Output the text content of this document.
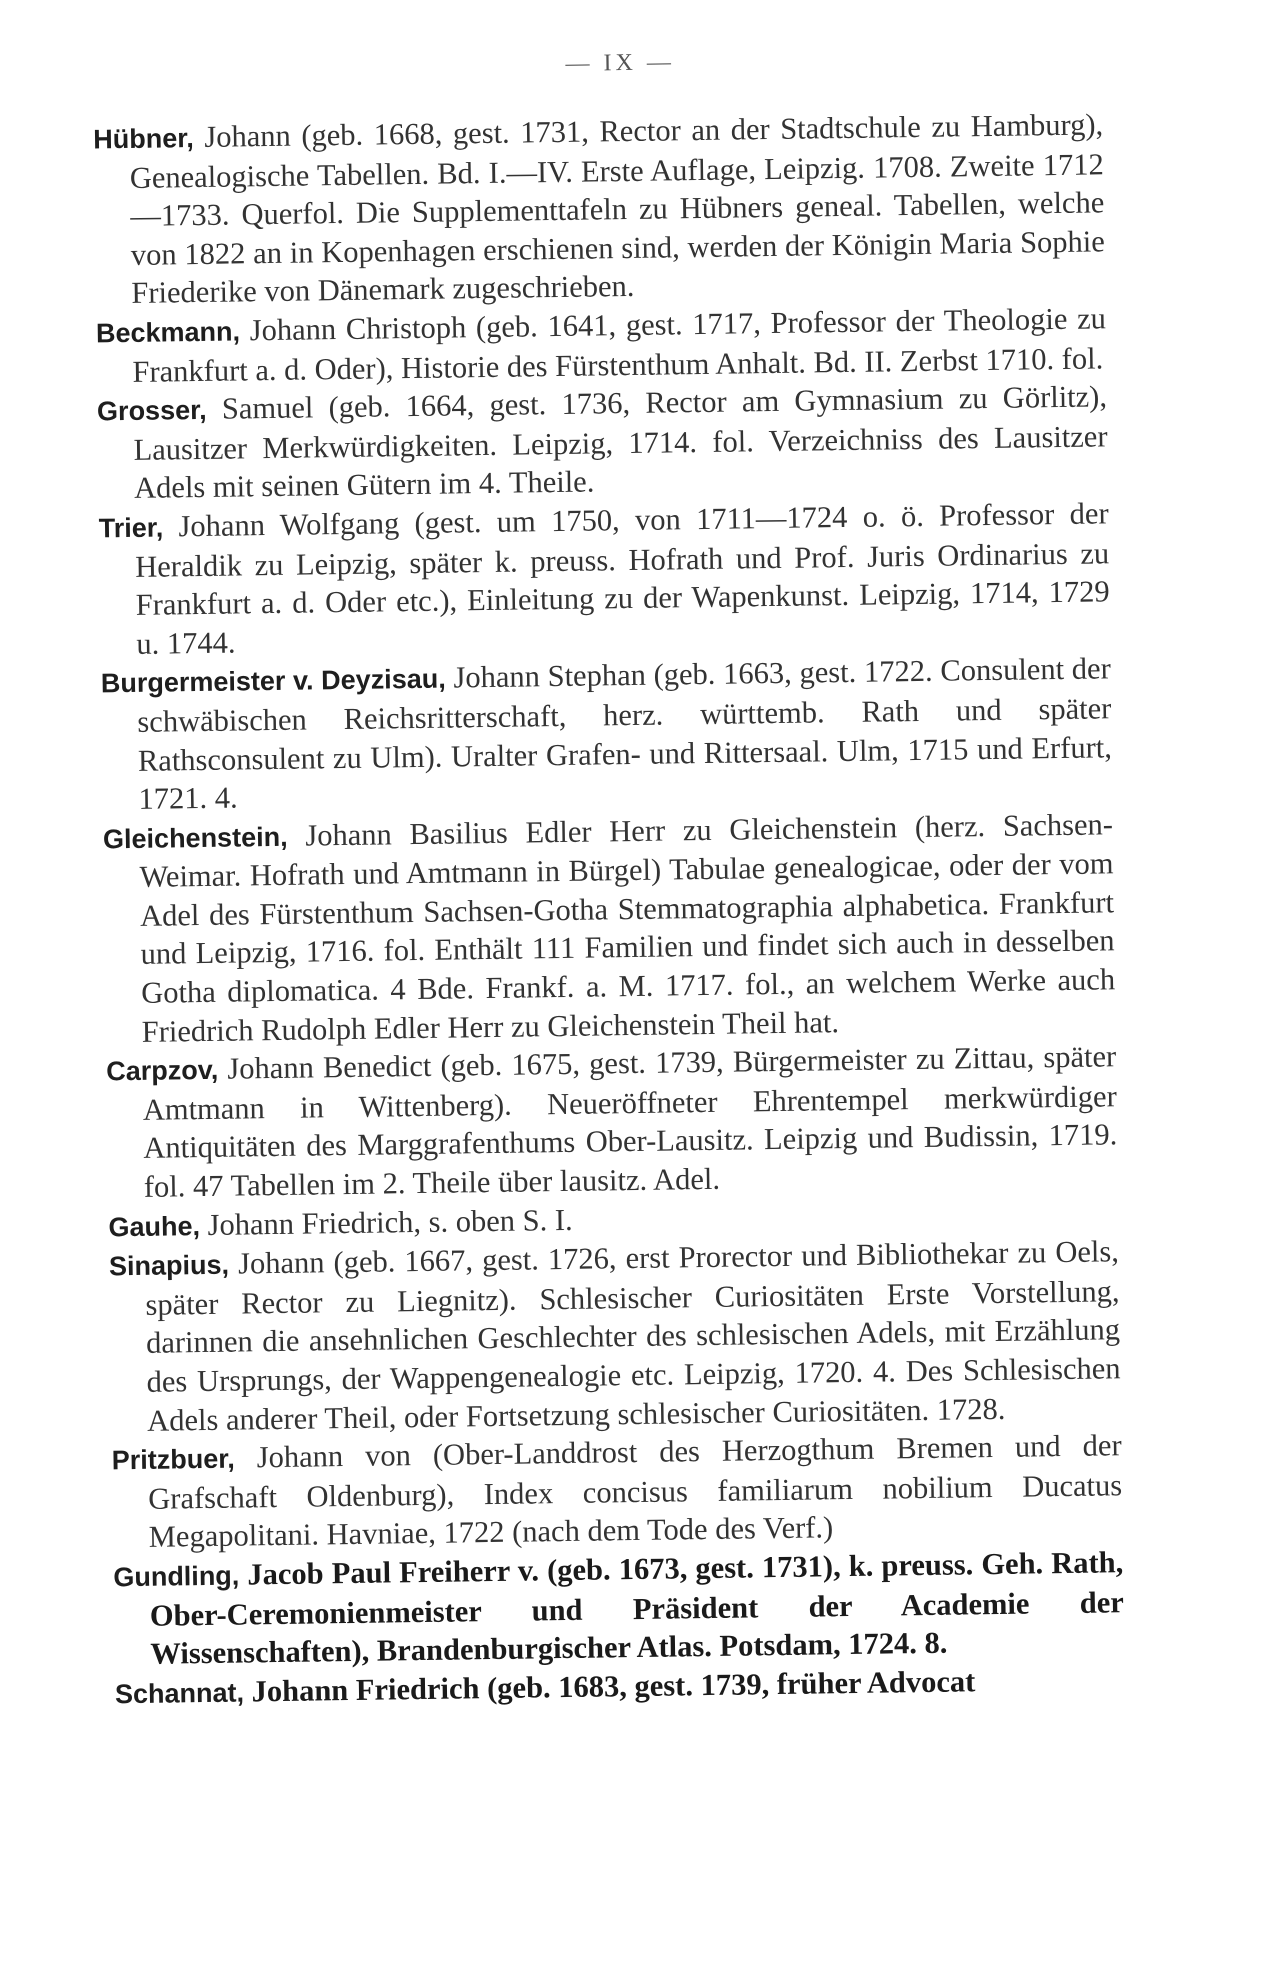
— IX —

Hübner, Johann (geb. 1668, gest. 1731, Rector an der Stadtschule zu Hamburg), Genealogische Tabellen. Bd. I.—IV. Erste Auflage, Leipzig. 1708. Zweite 1712—1733. Querfol. Die Supplementtafeln zu Hübners geneal. Tabellen, welche von 1822 an in Kopenhagen erschienen sind, werden der Königin Maria Sophie Friederike von Dänemark zugeschrieben.

Beckmann, Johann Christoph (geb. 1641, gest. 1717, Professor der Theologie zu Frankfurt a. d. Oder), Historie des Fürstenthum Anhalt. Bd. II. Zerbst 1710. fol.

Grosser, Samuel (geb. 1664, gest. 1736, Rector am Gymnasium zu Görlitz), Lausitzer Merkwürdigkeiten. Leipzig, 1714. fol. Verzeichniss des Lausitzer Adels mit seinen Gütern im 4. Theile.

Trier, Johann Wolfgang (gest. um 1750, von 1711—1724 o. ö. Professor der Heraldik zu Leipzig, später k. preuss. Hofrath und Prof. Juris Ordinarius zu Frankfurt a. d. Oder etc.), Einleitung zu der Wapenkunst. Leipzig, 1714, 1729 u. 1744.

Burgermeister v. Deyzisau, Johann Stephan (geb. 1663, gest. 1722. Consulent der schwäbischen Reichsritterschaft, herz. württemb. Rath und später Rathsconsulent zu Ulm). Uralter Grafen- und Rittersaal. Ulm, 1715 und Erfurt, 1721. 4.

Gleichenstein, Johann Basilius Edler Herr zu Gleichenstein (herz. Sachsen-Weimar. Hofrath und Amtmann in Bürgel) Tabulae genealogicae, oder der vom Adel des Fürstenthum Sachsen-Gotha Stemmatographia alphabetica. Frankfurt und Leipzig, 1716. fol. Enthält 111 Familien und findet sich auch in desselben Gotha diplomatica. 4 Bde. Frankf. a. M. 1717. fol., an welchem Werke auch Friedrich Rudolph Edler Herr zu Gleichenstein Theil hat.

Carpzov, Johann Benedict (geb. 1675, gest. 1739, Bürgermeister zu Zittau, später Amtmann in Wittenberg). Neueröffneter Ehrentempel merkwürdiger Antiquitäten des Marggrafenthums Ober-Lausitz. Leipzig und Budissin, 1719. fol. 47 Tabellen im 2. Theile über lausitz. Adel.

Gauhe, Johann Friedrich, s. oben S. I.

Sinapius, Johann (geb. 1667, gest. 1726, erst Prorector und Bibliothekar zu Oels, später Rector zu Liegnitz). Schlesischer Curiositäten Erste Vorstellung, darinnen die ansehnlichen Geschlechter des schlesischen Adels, mit Erzählung des Ursprungs, der Wappengenealogie etc. Leipzig, 1720. 4. Des Schlesischen Adels anderer Theil, oder Fortsetzung schlesischer Curiositäten. 1728.

Pritzbuer, Johann von (Ober-Landdrost des Herzogthum Bremen und der Grafschaft Oldenburg), Index concisus familiarum nobilium Ducatus Megapolitani. Havniae, 1722 (nach dem Tode des Verf.)

Gundling, Jacob Paul Freiherr v. (geb. 1673, gest. 1731), k. preuss. Geh. Rath, Ober-Ceremonienmeister und Präsident der Academie der Wissenschaften), Brandenburgischer Atlas. Potsdam, 1724. 8.

Schannat, Johann Friedrich (geb. 1683, gest. 1739, früher Advocat
